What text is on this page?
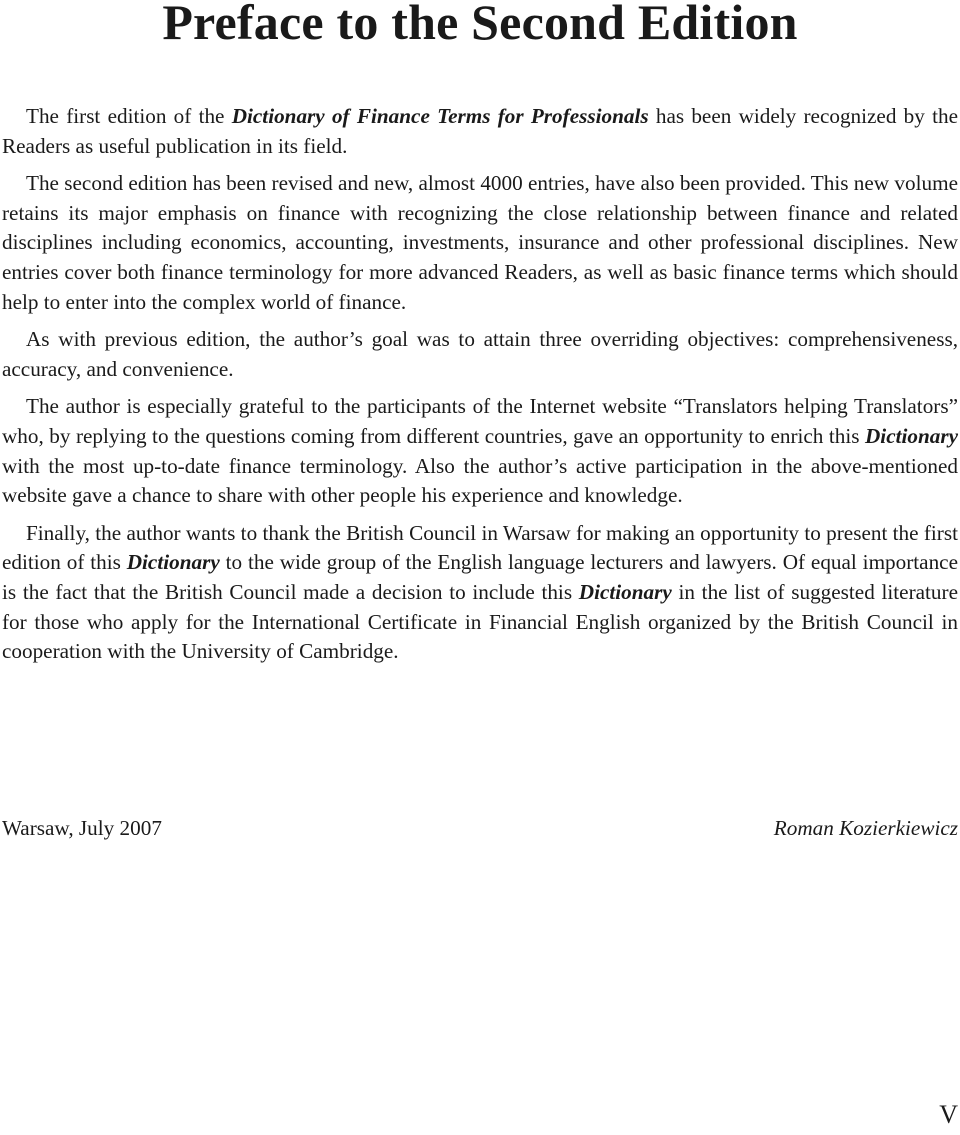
Preface to the Second Edition

The first edition of the Dictionary of Finance Terms for Professionals has been widely recognized by the Readers as useful publication in its field.

The second edition has been revised and new, almost 4000 entries, have also been provided. This new volume retains its major emphasis on finance with recognizing the close relationship between finance and related disciplines including economics, accounting, investments, insurance and other professional disciplines. New entries cover both finance terminology for more advanced Readers, as well as basic finance terms which should help to enter into the complex world of finance.

As with previous edition, the author’s goal was to attain three overriding objectives: comprehensiveness, accuracy, and convenience.

The author is especially grateful to the participants of the Internet website “Translators helping Translators” who, by replying to the questions coming from different countries, gave an opportunity to enrich this Dictionary with the most up-to-date finance terminology. Also the author’s active participation in the above-mentioned website gave a chance to share with other people his experience and knowledge.

Finally, the author wants to thank the British Council in Warsaw for making an opportunity to present the first edition of this Dictionary to the wide group of the English language lecturers and lawyers. Of equal importance is the fact that the British Council made a decision to include this Dictionary in the list of suggested literature for those who apply for the International Certificate in Financial English organized by the British Council in cooperation with the University of Cambridge.

Warsaw, July 2007	Roman Kozierkiewicz
V
